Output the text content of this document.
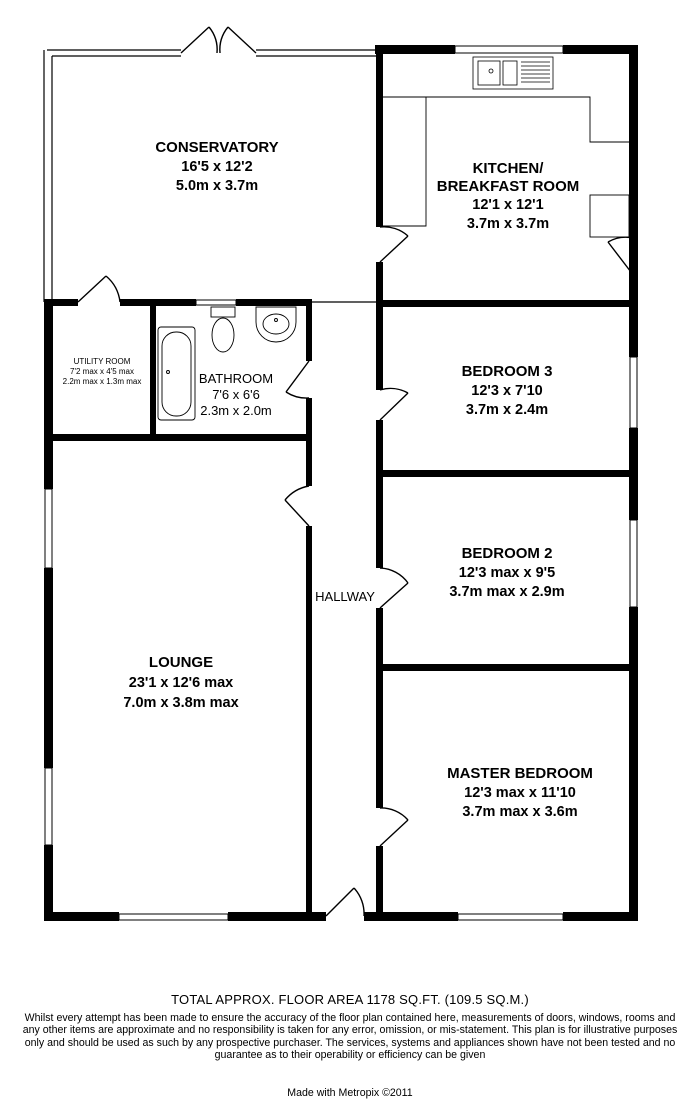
CONSERVATORY
16'5 x 12'2
5.0m x 3.7m
KITCHEN/
BREAKFAST ROOM
12'1 x 12'1
3.7m x 3.7m
UTILITY ROOM
7'2 max x 4'5 max
2.2m max x 1.3m max	BATHROOM
7'6 x 6'6
2.3m x 2.0m
BEDROOM 3
12'3 x 7'10
3.7m x 2.4m
BEDROOM 2
12'3 max x 9'5
3.7m max x 2.9m
HALLWAY
LOUNGE
23'1 x 12'6 max
7.0m x 3.8m max
MASTER BEDROOM
12'3 max x 11'10
3.7m max x 3.6m
TOTAL APPROX. FLOOR AREA 1178 SQ.FT. (109.5 SQ.M.)
Whilst every attempt has been made to ensure the accuracy of the floor plan contained here, measurements of doors, windows, rooms and any other items are approximate and no responsibility is taken for any error, omission, or mis-statement. This plan is for illustrative purposes only and should be used as such by any prospective purchaser. The services, systems and appliances shown have not been tested and no guarantee as to their operability or efficiency can be given
Made with Metropix ©2011
